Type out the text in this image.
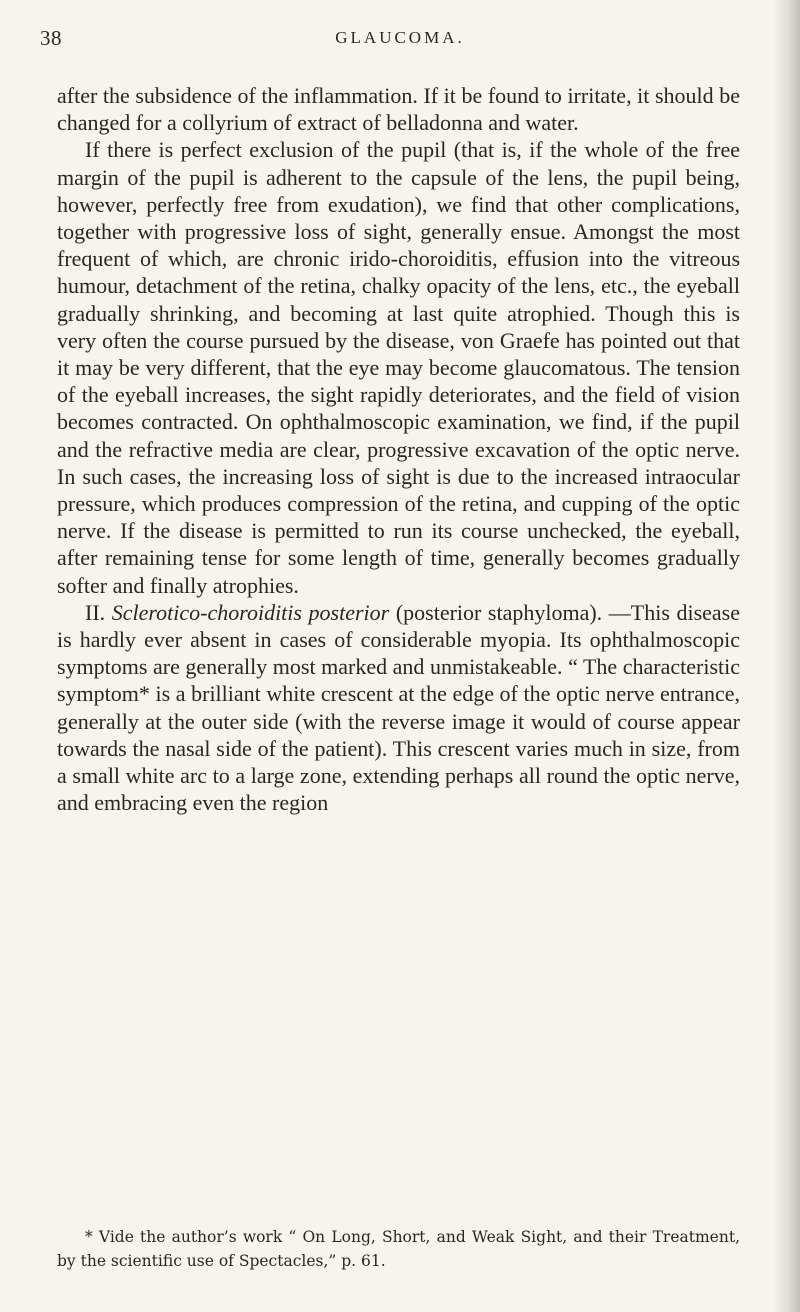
38	GLAUCOMA.

after the subsidence of the inflammation. If it be found to irritate, it should be changed for a collyrium of extract of belladonna and water.

If there is perfect exclusion of the pupil (that is, if the whole of the free margin of the pupil is adherent to the capsule of the lens, the pupil being, however, perfectly free from exudation), we find that other complications, together with progressive loss of sight, generally ensue. Amongst the most frequent of which, are chronic irido-choroiditis, effusion into the vitreous humour, detachment of the retina, chalky opacity of the lens, etc., the eyeball gradually shrinking, and becoming at last quite atrophied. Though this is very often the course pursued by the disease, von Graefe has pointed out that it may be very different, that the eye may become glaucomatous. The tension of the eyeball increases, the sight rapidly deteriorates, and the field of vision becomes contracted. On ophthalmoscopic examination, we find, if the pupil and the refractive media are clear, progressive excavation of the optic nerve. In such cases, the increasing loss of sight is due to the increased intraocular pressure, which produces compression of the retina, and cupping of the optic nerve. If the disease is permitted to run its course unchecked, the eyeball, after remaining tense for some length of time, generally becomes gradually softer and finally atrophies.

II. Sclerotico-choroiditis posterior (posterior staphyloma). —This disease is hardly ever absent in cases of considerable myopia. Its ophthalmoscopic symptoms are generally most marked and unmistakeable. “ The characteristic symptom* is a brilliant white crescent at the edge of the optic nerve entrance, generally at the outer side (with the reverse image it would of course appear towards the nasal side of the patient). This crescent varies much in size, from a small white arc to a large zone, extending perhaps all round the optic nerve, and embracing even the region

* Vide the author’s work “ On Long, Short, and Weak Sight, and their Treatment, by the scientific use of Spectacles,” p. 61.
